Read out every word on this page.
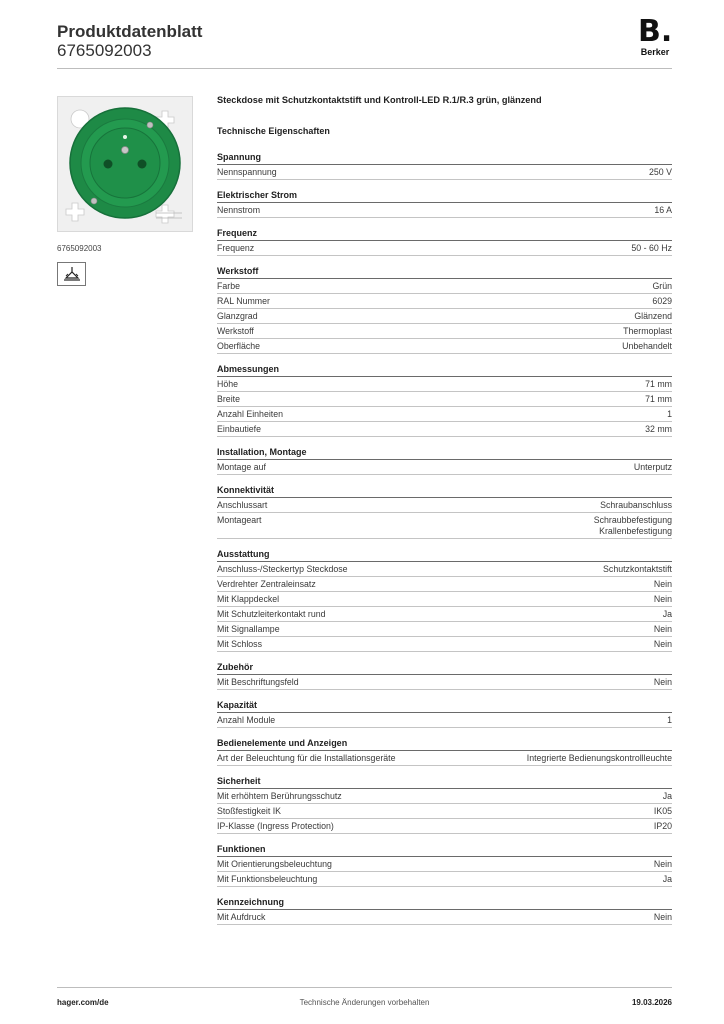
Produktdatenblatt
6765092003
B.
Berker
6765092003
Steckdose mit Schutzkontaktstift und Kontroll-LED R.1/R.3 grün, glänzend
Technische Eigenschaften
Spannung
Nennspannung	250 V
Elektrischer Strom
Nennstrom	16 A
Frequenz
Frequenz	50 - 60 Hz
Werkstoff
Farbe	Grün
RAL Nummer	6029
Glanzgrad	Glänzend
Werkstoff	Thermoplast
Oberfläche	Unbehandelt
Abmessungen
Höhe	71 mm
Breite	71 mm
Anzahl Einheiten	1
Einbautiefe	32 mm
Installation, Montage
Montage auf	Unterputz
Konnektivität
Anschlussart	Schraubanschluss
Montageart	Schraubbefestigung
Krallenbefestigung
Ausstattung
Anschluss-/Steckertyp Steckdose	Schutzkontaktstift
Verdrehter Zentraleinsatz	Nein
Mit Klappdeckel	Nein
Mit Schutzleiterkontakt rund	Ja
Mit Signallampe	Nein
Mit Schloss	Nein
Zubehör
Mit Beschriftungsfeld	Nein
Kapazität
Anzahl Module	1
Bedienelemente und Anzeigen
Art der Beleuchtung für die Installationsgeräte	Integrierte Bedienungskontrollleuchte
Sicherheit
Mit erhöhtem Berührungsschutz	Ja
Stoßfestigkeit IK	IK05
IP-Klasse (Ingress Protection)	IP20
Funktionen
Mit Orientierungsbeleuchtung	Nein
Mit Funktionsbeleuchtung	Ja
Kennzeichnung
Mit Aufdruck	Nein
hager.com/de	Technische Änderungen vorbehalten	19.03.2026
